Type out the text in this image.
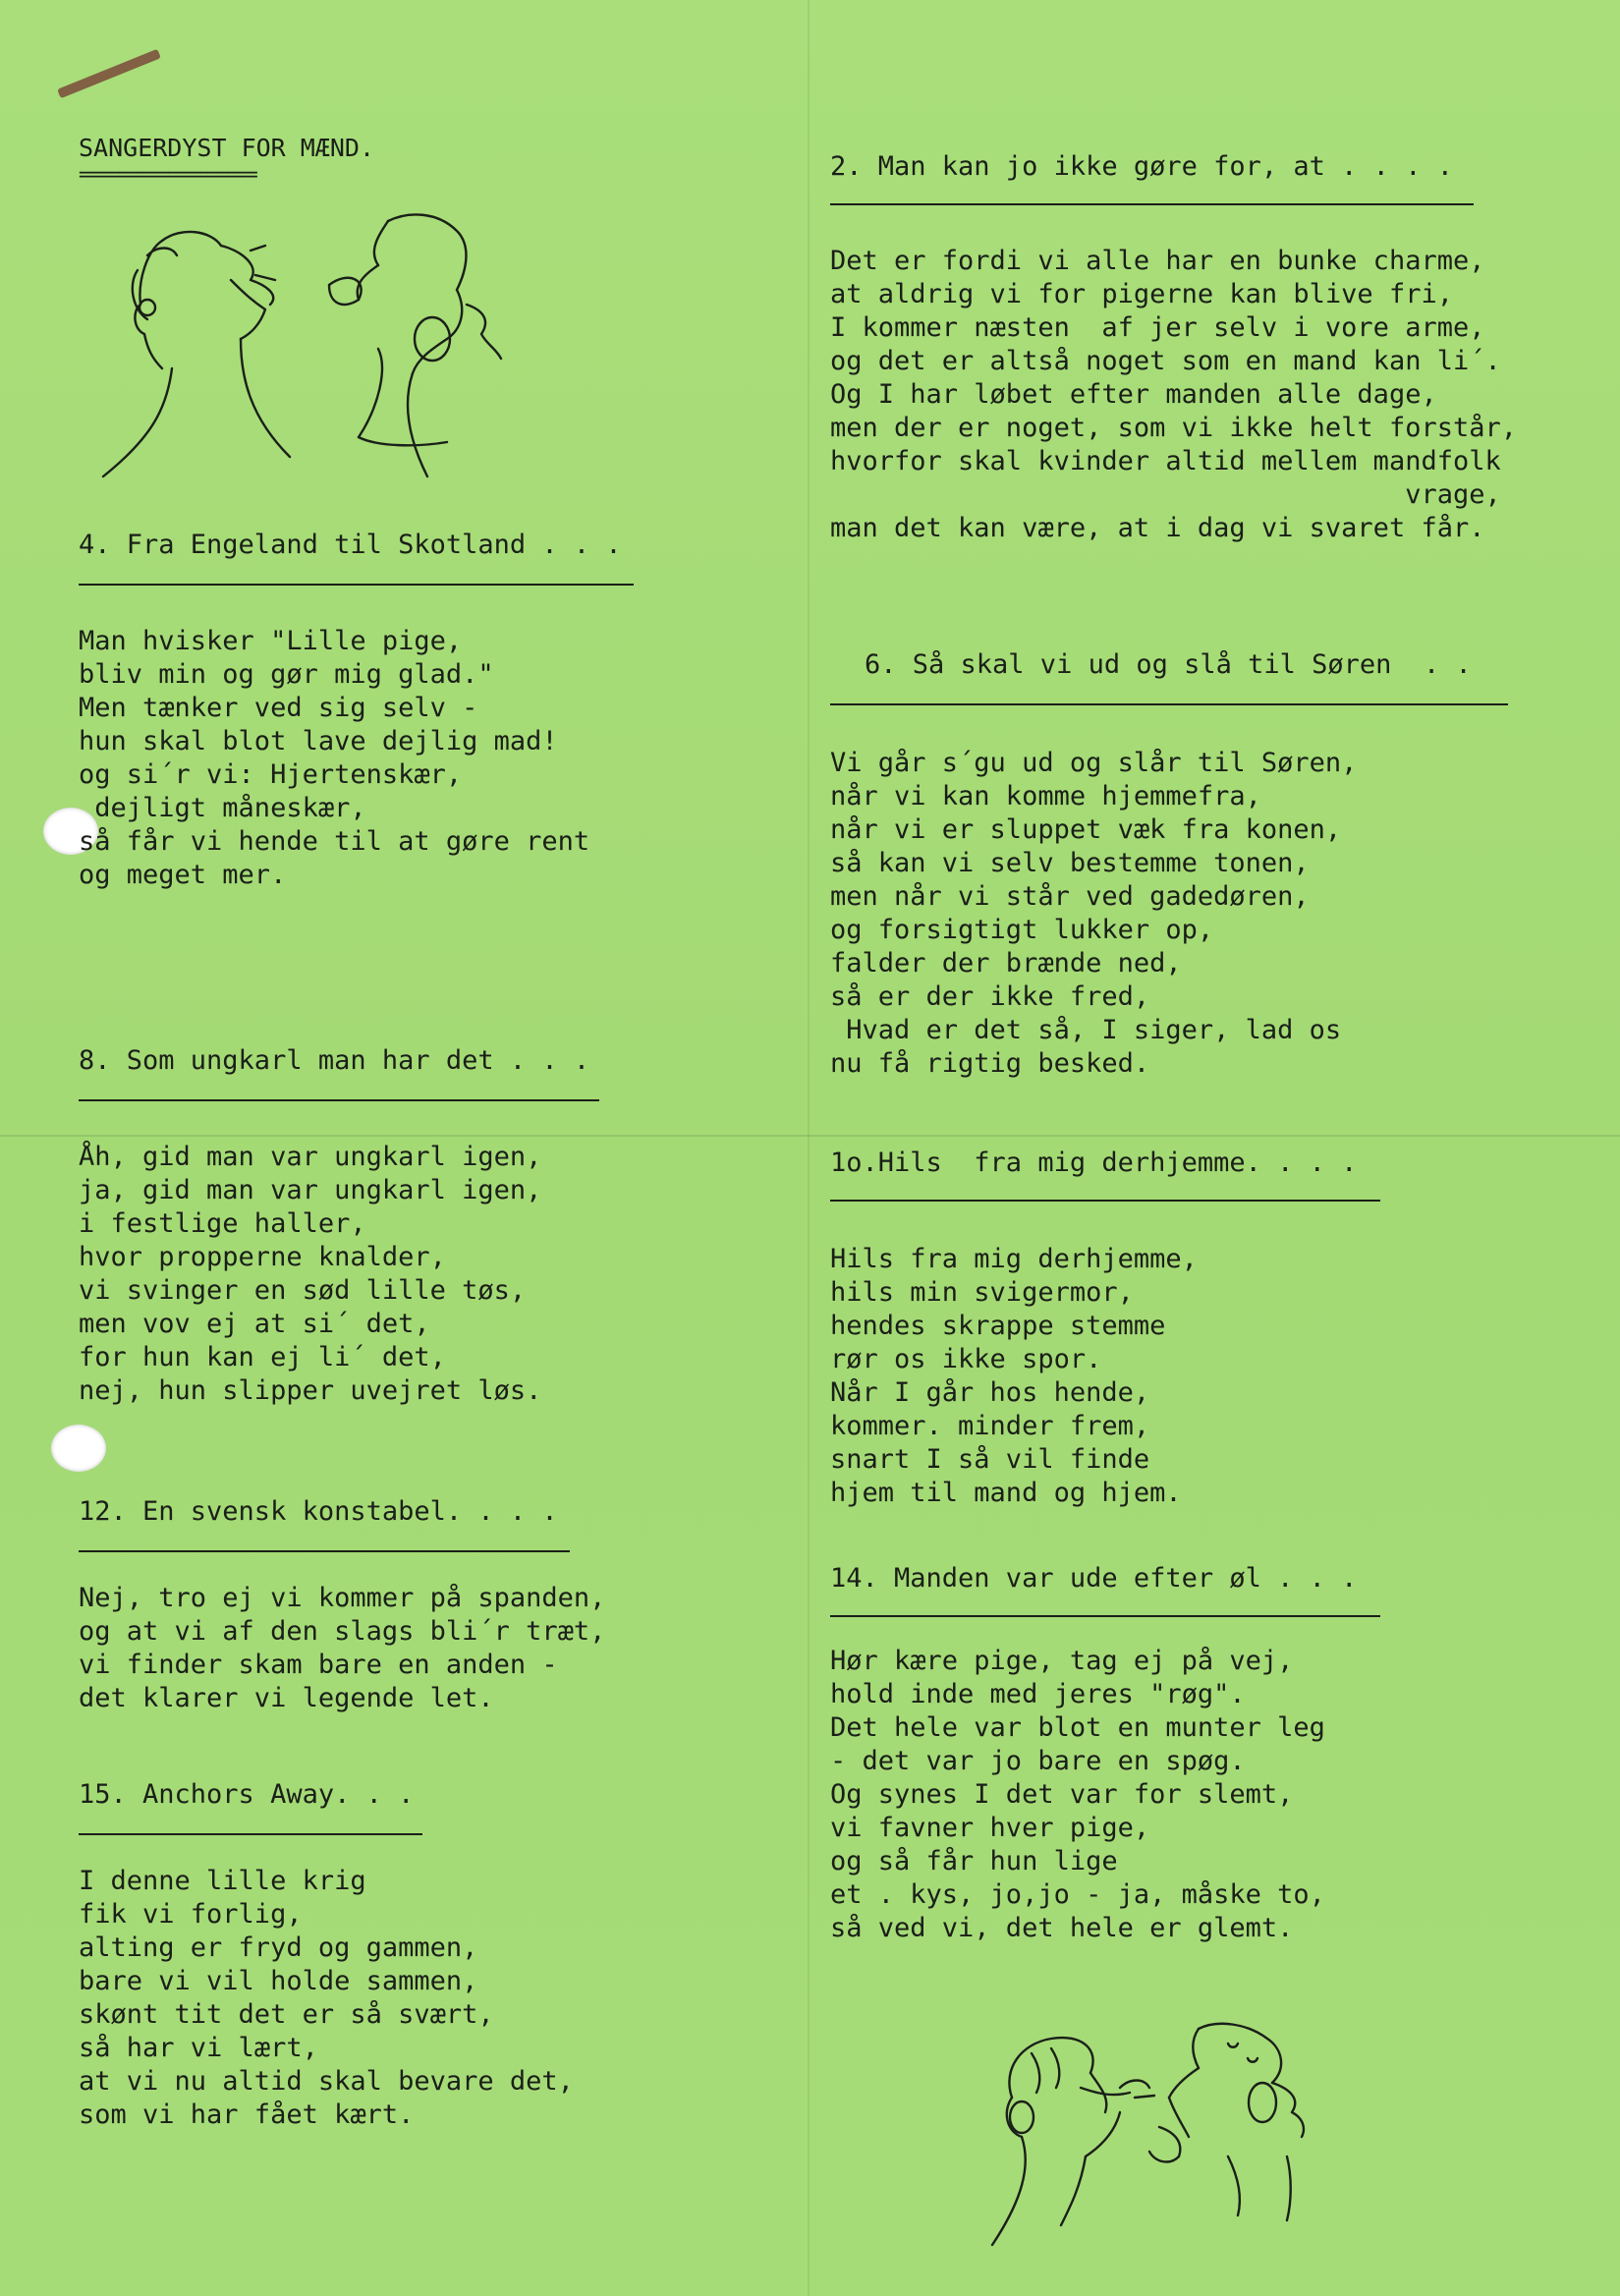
SANGERDYST FOR MÆND.
==================
4. Fra Engeland til Skotland . . .
Man hvisker "Lille pige,
bliv min og gør mig glad."
Men tænker ved sig selv -
hun skal blot lave dejlig mad!
og si´r vi: Hjertenskær,
dejligt måneskær,
så får vi hende til at gøre rent
og meget mer.
8. Som ungkarl man har det . . .
Åh, gid man var ungkarl igen,
ja, gid man var ungkarl igen,
i festlige haller,
hvor propperne knalder,
vi svinger en sød lille tøs,
men vov ej at si´ det,
for hun kan ej li´ det,
nej, hun slipper uvejret løs.
12. En svensk konstabel. . . .
Nej, tro ej vi kommer på spanden,
og at vi af den slags bli´r træt,
vi finder skam bare en anden -
det klarer vi legende let.
15. Anchors Away. . .
I denne lille krig
fik vi forlig,
alting er fryd og gammen,
bare vi vil holde sammen,
skønt tit det er så svært,
så har vi lært,
at vi nu altid skal bevare det,
som vi har fået kært.
2. Man kan jo ikke gøre for, at . . . .
Det er fordi vi alle har en bunke charme,
at aldrig vi for pigerne kan blive fri,
I kommer næsten  af jer selv i vore arme,
og det er altså noget som en mand kan li´.
Og I har løbet efter manden alle dage,
men der er noget, som vi ikke helt forstår,
hvorfor skal kvinder altid mellem mandfolk
vrage,
man det kan være, at i dag vi svaret får.
6. Så skal vi ud og slå til Søren  . .
Vi går s´gu ud og slår til Søren,
når vi kan komme hjemmefra,
når vi er sluppet væk fra konen,
så kan vi selv bestemme tonen,
men når vi står ved gadedøren,
og forsigtigt lukker op,
falder der brænde ned,
så er der ikke fred,
Hvad er det så, I siger, lad os
nu få rigtig besked.
1o.Hils  fra mig derhjemme. . . .
Hils fra mig derhjemme,
hils min svigermor,
hendes skrappe stemme
rør os ikke spor.
Når I går hos hende,
kommer. minder frem,
snart I så vil finde
hjem til mand og hjem.
14. Manden var ude efter øl . . .
Hør kære pige, tag ej på vej,
hold inde med jeres "røg".
Det hele var blot en munter leg
- det var jo bare en spøg.
Og synes I det var for slemt,
vi favner hver pige,
og så får hun lige
et . kys, jo,jo - ja, måske to,
så ved vi, det hele er glemt.
